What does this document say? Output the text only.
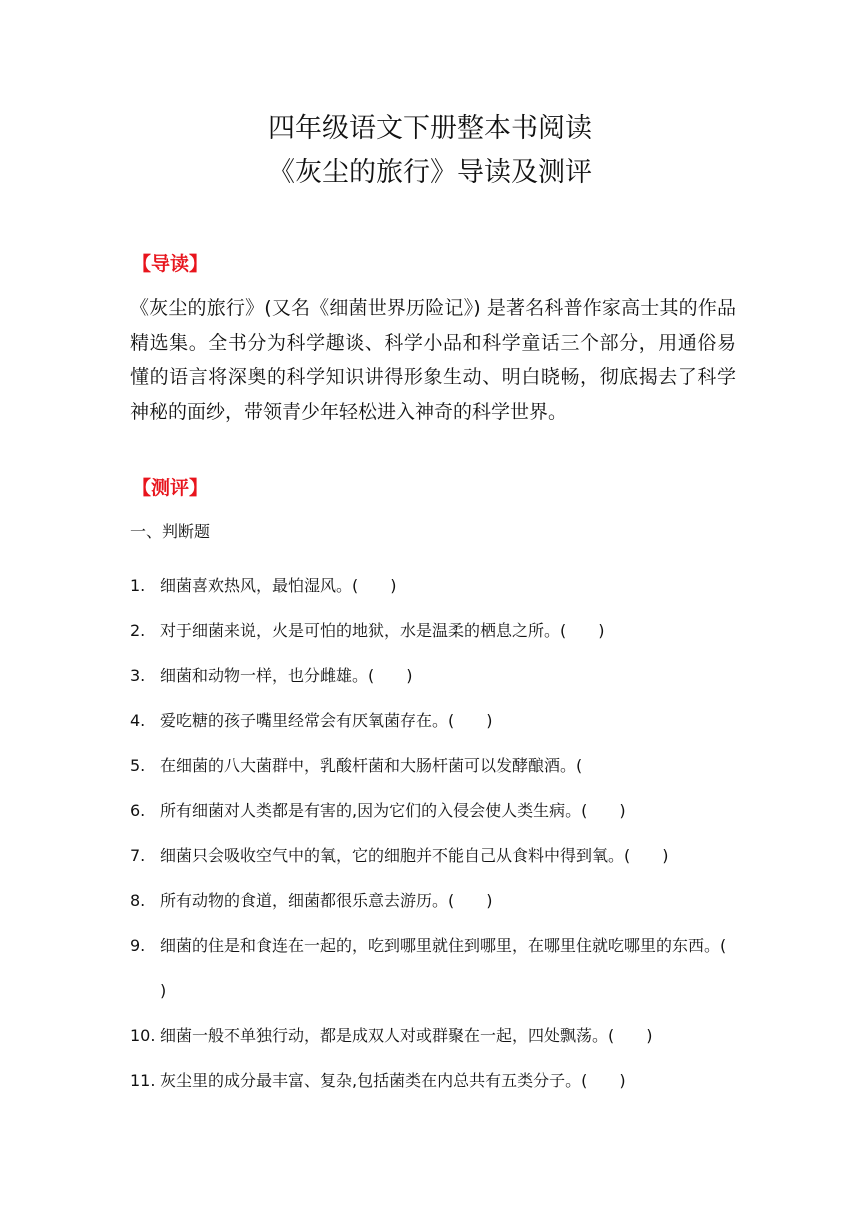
四年级语文下册整本书阅读
《灰尘的旅行》导读及测评
【导读】
《灰尘的旅行》(又名《细菌世界历险记》) 是著名科普作家高士其的作品精选集。全书分为科学趣谈、科学小品和科学童话三个部分，用通俗易懂的语言将深奥的科学知识讲得形象生动、明白晓畅，彻底揭去了科学神秘的面纱，带领青少年轻松进入神奇的科学世界。
【测评】
一、判断题
1. 细菌喜欢热风，最怕湿风。(　　)
2. 对于细菌来说，火是可怕的地狱，水是温柔的栖息之所。(　　)
3. 细菌和动物一样，也分雌雄。(　　)
4. 爱吃糖的孩子嘴里经常会有厌氧菌存在。(　　)
5. 在细菌的八大菌群中，乳酸杆菌和大肠杆菌可以发酵酿酒。(
6. 所有细菌对人类都是有害的,因为它们的入侵会使人类生病。(　　)
7. 细菌只会吸收空气中的氧，它的细胞并不能自己从食料中得到氧。(　　)
8. 所有动物的食道，细菌都很乐意去游历。(　　)
9. 细菌的住是和食连在一起的，吃到哪里就住到哪里，在哪里住就吃哪里的东西。(　　)
10. 细菌一般不单独行动，都是成双人对或群聚在一起，四处飘荡。(　　)
11. 灰尘里的成分最丰富、复杂,包括菌类在内总共有五类分子。(　　)
